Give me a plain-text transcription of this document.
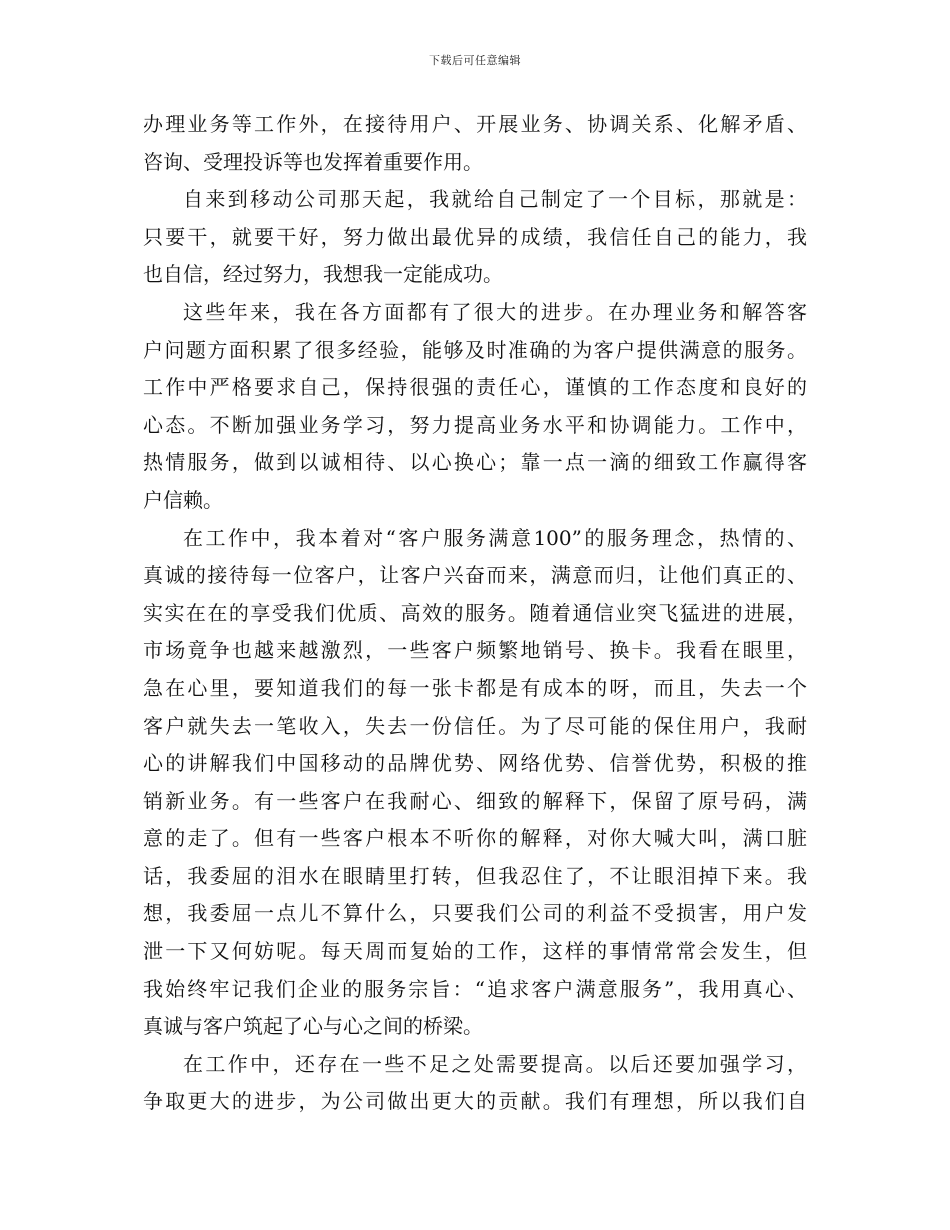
下载后可任意编辑
办理业务等工作外，在接待用户、开展业务、协调关系、化解矛盾、
咨询、受理投诉等也发挥着重要作用。
自来到移动公司那天起，我就给自己制定了一个目标，那就是：
只要干，就要干好，努力做出最优异的成绩，我信任自己的能力，我
也自信，经过努力，我想我一定能成功。
这些年来，我在各方面都有了很大的进步。在办理业务和解答客
户问题方面积累了很多经验，能够及时准确的为客户提供满意的服务。
工作中严格要求自己，保持很强的责任心，谨慎的工作态度和良好的
心态。不断加强业务学习，努力提高业务水平和协调能力。工作中，
热情服务，做到以诚相待、以心换心；靠一点一滴的细致工作赢得客
户信赖。
在工作中，我本着对“客户服务满意100”的服务理念，热情的、
真诚的接待每一位客户，让客户兴奋而来，满意而归，让他们真正的、
实实在在的享受我们优质、高效的服务。随着通信业突飞猛进的进展，
市场竟争也越来越激烈，一些客户频繁地销号、换卡。我看在眼里，
急在心里，要知道我们的每一张卡都是有成本的呀，而且，失去一个
客户就失去一笔收入，失去一份信任。为了尽可能的保住用户，我耐
心的讲解我们中国移动的品牌优势、网络优势、信誉优势，积极的推
销新业务。有一些客户在我耐心、细致的解释下，保留了原号码，满
意的走了。但有一些客户根本不听你的解释，对你大喊大叫，满口脏
话，我委屈的泪水在眼睛里打转，但我忍住了，不让眼泪掉下来。我
想，我委屈一点儿不算什么，只要我们公司的利益不受损害，用户发
泄一下又何妨呢。每天周而复始的工作，这样的事情常常会发生，但
我始终牢记我们企业的服务宗旨：“追求客户满意服务”，我用真心、
真诚与客户筑起了心与心之间的桥梁。
在工作中，还存在一些不足之处需要提高。以后还要加强学习，
争取更大的进步，为公司做出更大的贡献。我们有理想，所以我们自
